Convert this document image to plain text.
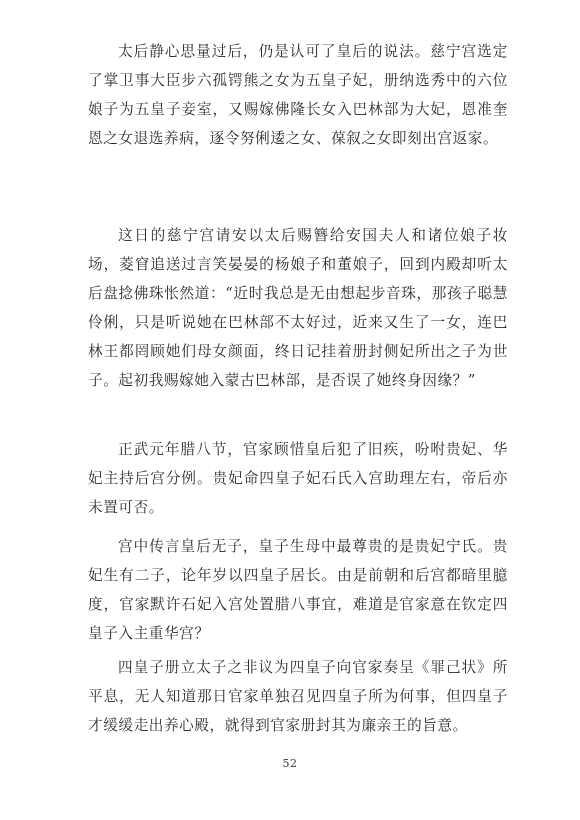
太后静心思量过后，仍是认可了皇后的说法。慈宁宫选定了掌卫事大臣步六孤锷熊之女为五皇子妃，册纳选秀中的六位娘子为五皇子妾室，又赐嫁佛隆长女入巴林部为大妃，恩准奎恩之女退选养病，逐令努俐逶之女、葆叙之女即刻出宫返家。

这日的慈宁宫请安以太后赐簪给安国夫人和诸位娘子妆场，菱窅追送过言笑晏晏的杨娘子和董娘子，回到内殿却听太后盘捻佛珠怅然道：“近时我总是无由想起步音珠，那孩子聪慧伶俐，只是听说她在巴林部不太好过，近来又生了一女，连巴林王都罔顾她们母女颜面，终日记挂着册封侧妃所出之子为世子。起初我赐嫁她入蒙古巴林部，是否误了她终身因缘？”

正武元年腊八节，官家顾惜皇后犯了旧疾，吩咐贵妃、华妃主持后宫分例。贵妃命四皇子妃石氏入宫助理左右，帝后亦未置可否。

宫中传言皇后无子，皇子生母中最尊贵的是贵妃宁氏。贵妃生有二子，论年岁以四皇子居长。由是前朝和后宫都暗里臆度，官家默许石妃入宫处置腊八事宜，难道是官家意在钦定四皇子入主重华宫？

四皇子册立太子之非议为四皇子向官家奏呈《罪己状》所平息，无人知道那日官家单独召见四皇子所为何事，但四皇子才缓缓走出养心殿，就得到官家册封其为廉亲王的旨意。

52
